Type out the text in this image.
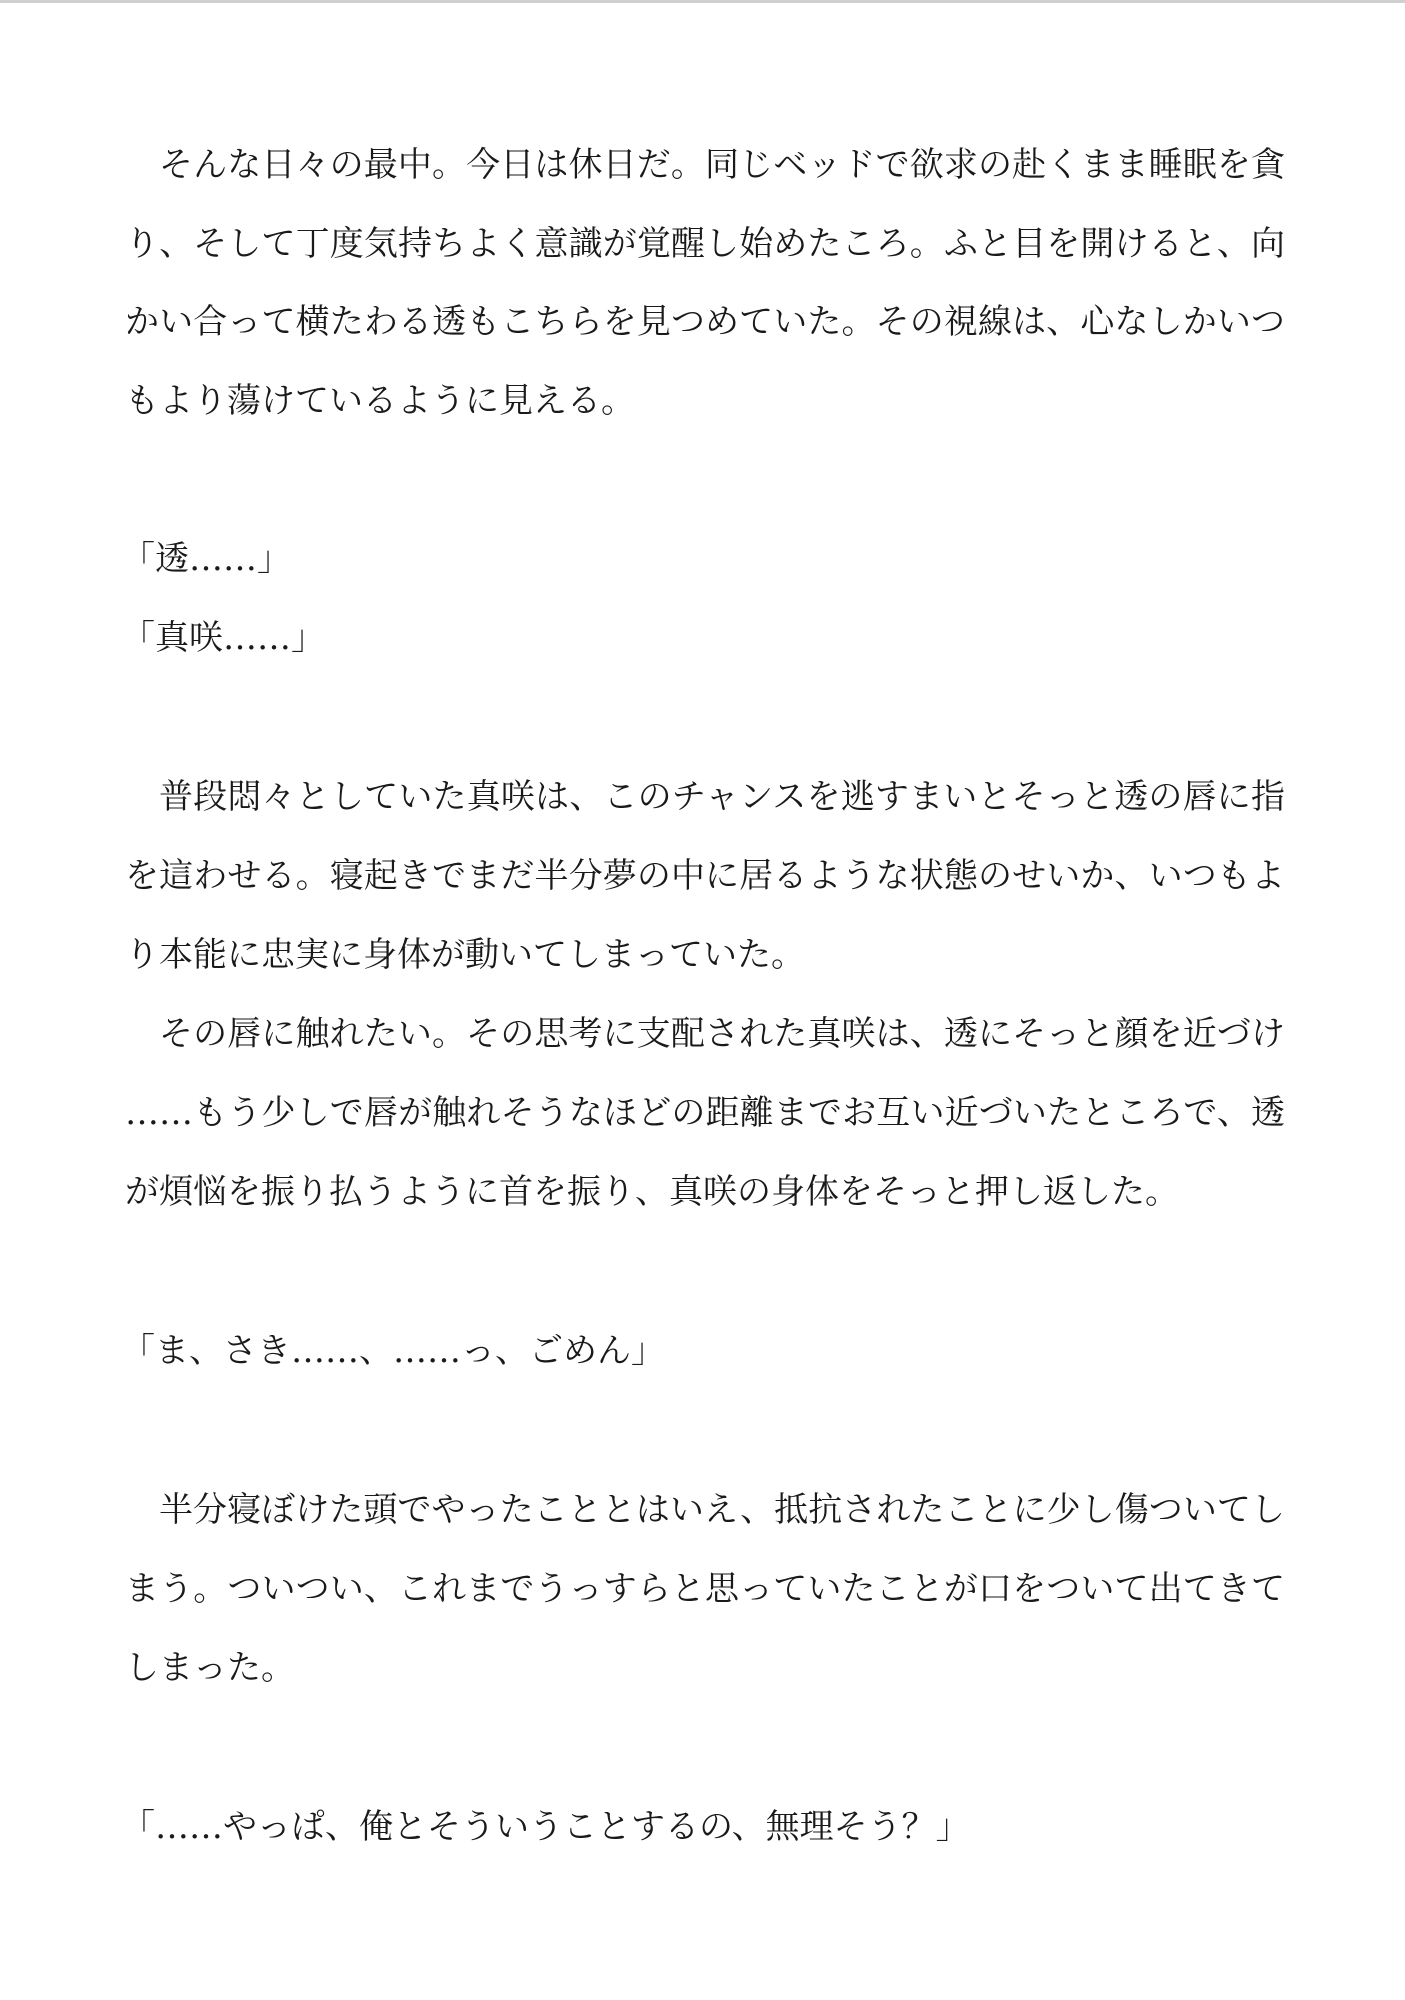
そんな日々の最中。今日は休日だ。同じベッドで欲求の赴くまま睡眠を貪
り、そして丁度気持ちよく意識が覚醒し始めたころ。ふと目を開けると、向
かい合って横たわる透もこちらを見つめていた。その視線は、心なしかいつ
もより蕩けているように見える。
「透……」
「真咲……」
普段悶々としていた真咲は、このチャンスを逃すまいとそっと透の唇に指
を這わせる。寝起きでまだ半分夢の中に居るような状態のせいか、いつもよ
り本能に忠実に身体が動いてしまっていた。
その唇に触れたい。その思考に支配された真咲は、透にそっと顔を近づけ
……もう少しで唇が触れそうなほどの距離までお互い近づいたところで、透
が煩悩を振り払うように首を振り、真咲の身体をそっと押し返した。
「ま、さき……、……っ、ごめん」
半分寝ぼけた頭でやったこととはいえ、抵抗されたことに少し傷ついてし
まう。ついつい、これまでうっすらと思っていたことが口をついて出てきて
しまった。
「……やっぱ、俺とそういうことするの、無理そう？」
